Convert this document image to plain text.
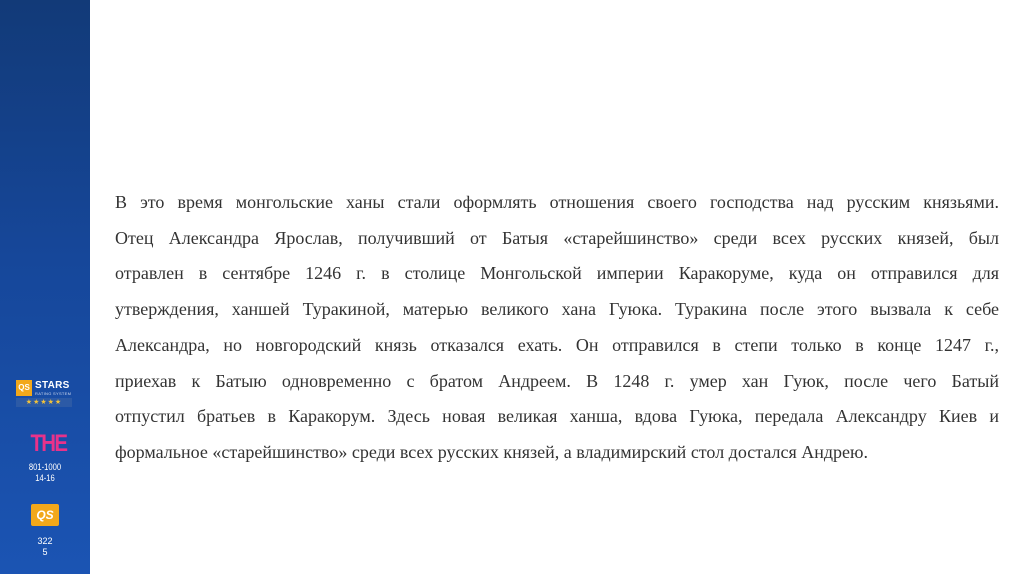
QS STARS
RATING SYSTEM
★★★★★
THE
801-1000
14-16
QS
322
5
В это время монгольские ханы стали оформлять отношения своего господства над русским князьями.
Отец Александра Ярослав, получивший от Батыя «старейшинство» среди всех русских князей, был
отравлен в сентябре 1246 г. в столице Монгольской империи Каракоруме, куда он отправился для
утверждения, ханшей Туракиной, матерью великого хана Гуюка. Туракина после этого вызвала к себе
Александра, но новгородский князь отказался ехать. Он отправился в степи только в конце 1247 г.,
приехав к Батыю одновременно с братом Андреем. В 1248 г. умер хан Гуюк, после чего Батый
отпустил братьев в Каракорум. Здесь новая великая ханша, вдова Гуюка, передала Александру Киев и
формальное «старейшинство» среди всех русских князей, а владимирский стол достался Андрею.
